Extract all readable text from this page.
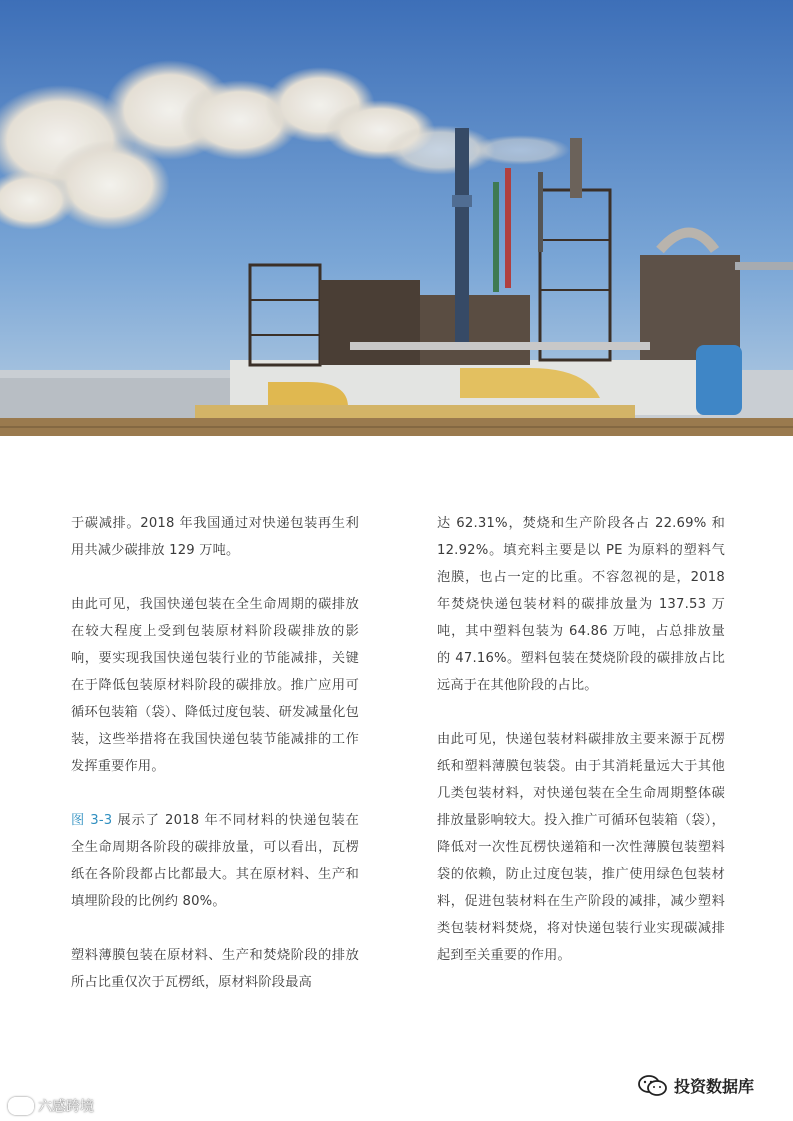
于碳减排。2018 年我国通过对快递包装再生利用共减少碳排放 129 万吨。

由此可见，我国快递包装在全生命周期的碳排放在较大程度上受到包装原材料阶段碳排放的影响，要实现我国快递包装行业的节能减排，关键在于降低包装原材料阶段的碳排放。推广应用可循环包装箱（袋）、降低过度包装、研发减量化包装，这些举措将在我国快递包装节能减排的工作发挥重要作用。

图 3-3 展示了 2018 年不同材料的快递包装在全生命周期各阶段的碳排放量，可以看出，瓦楞纸在各阶段都占比都最大。其在原材料、生产和填埋阶段的比例约 80%。

塑料薄膜包装在原材料、生产和焚烧阶段的排放所占比重仅次于瓦楞纸，原材料阶段最高

达 62.31%，焚烧和生产阶段各占 22.69% 和 12.92%。填充料主要是以 PE 为原料的塑料气泡膜，也占一定的比重。不容忽视的是，2018 年焚烧快递包装材料的碳排放量为 137.53 万吨，其中塑料包装为 64.86 万吨，占总排放量的 47.16%。塑料包装在焚烧阶段的碳排放占比远高于在其他阶段的占比。

由此可见，快递包装材料碳排放主要来源于瓦楞纸和塑料薄膜包装袋。由于其消耗量远大于其他几类包装材料，对快递包装在全生命周期整体碳排放量影响较大。投入推广可循环包装箱（袋），降低对一次性瓦楞快递箱和一次性薄膜包装塑料袋的依赖，防止过度包装，推广使用绿色包装材料，促进包装材料在生产阶段的减排，减少塑料类包装材料焚烧，将对快递包装行业实现碳减排起到至关重要的作用。

六感跨境
投资数据库
